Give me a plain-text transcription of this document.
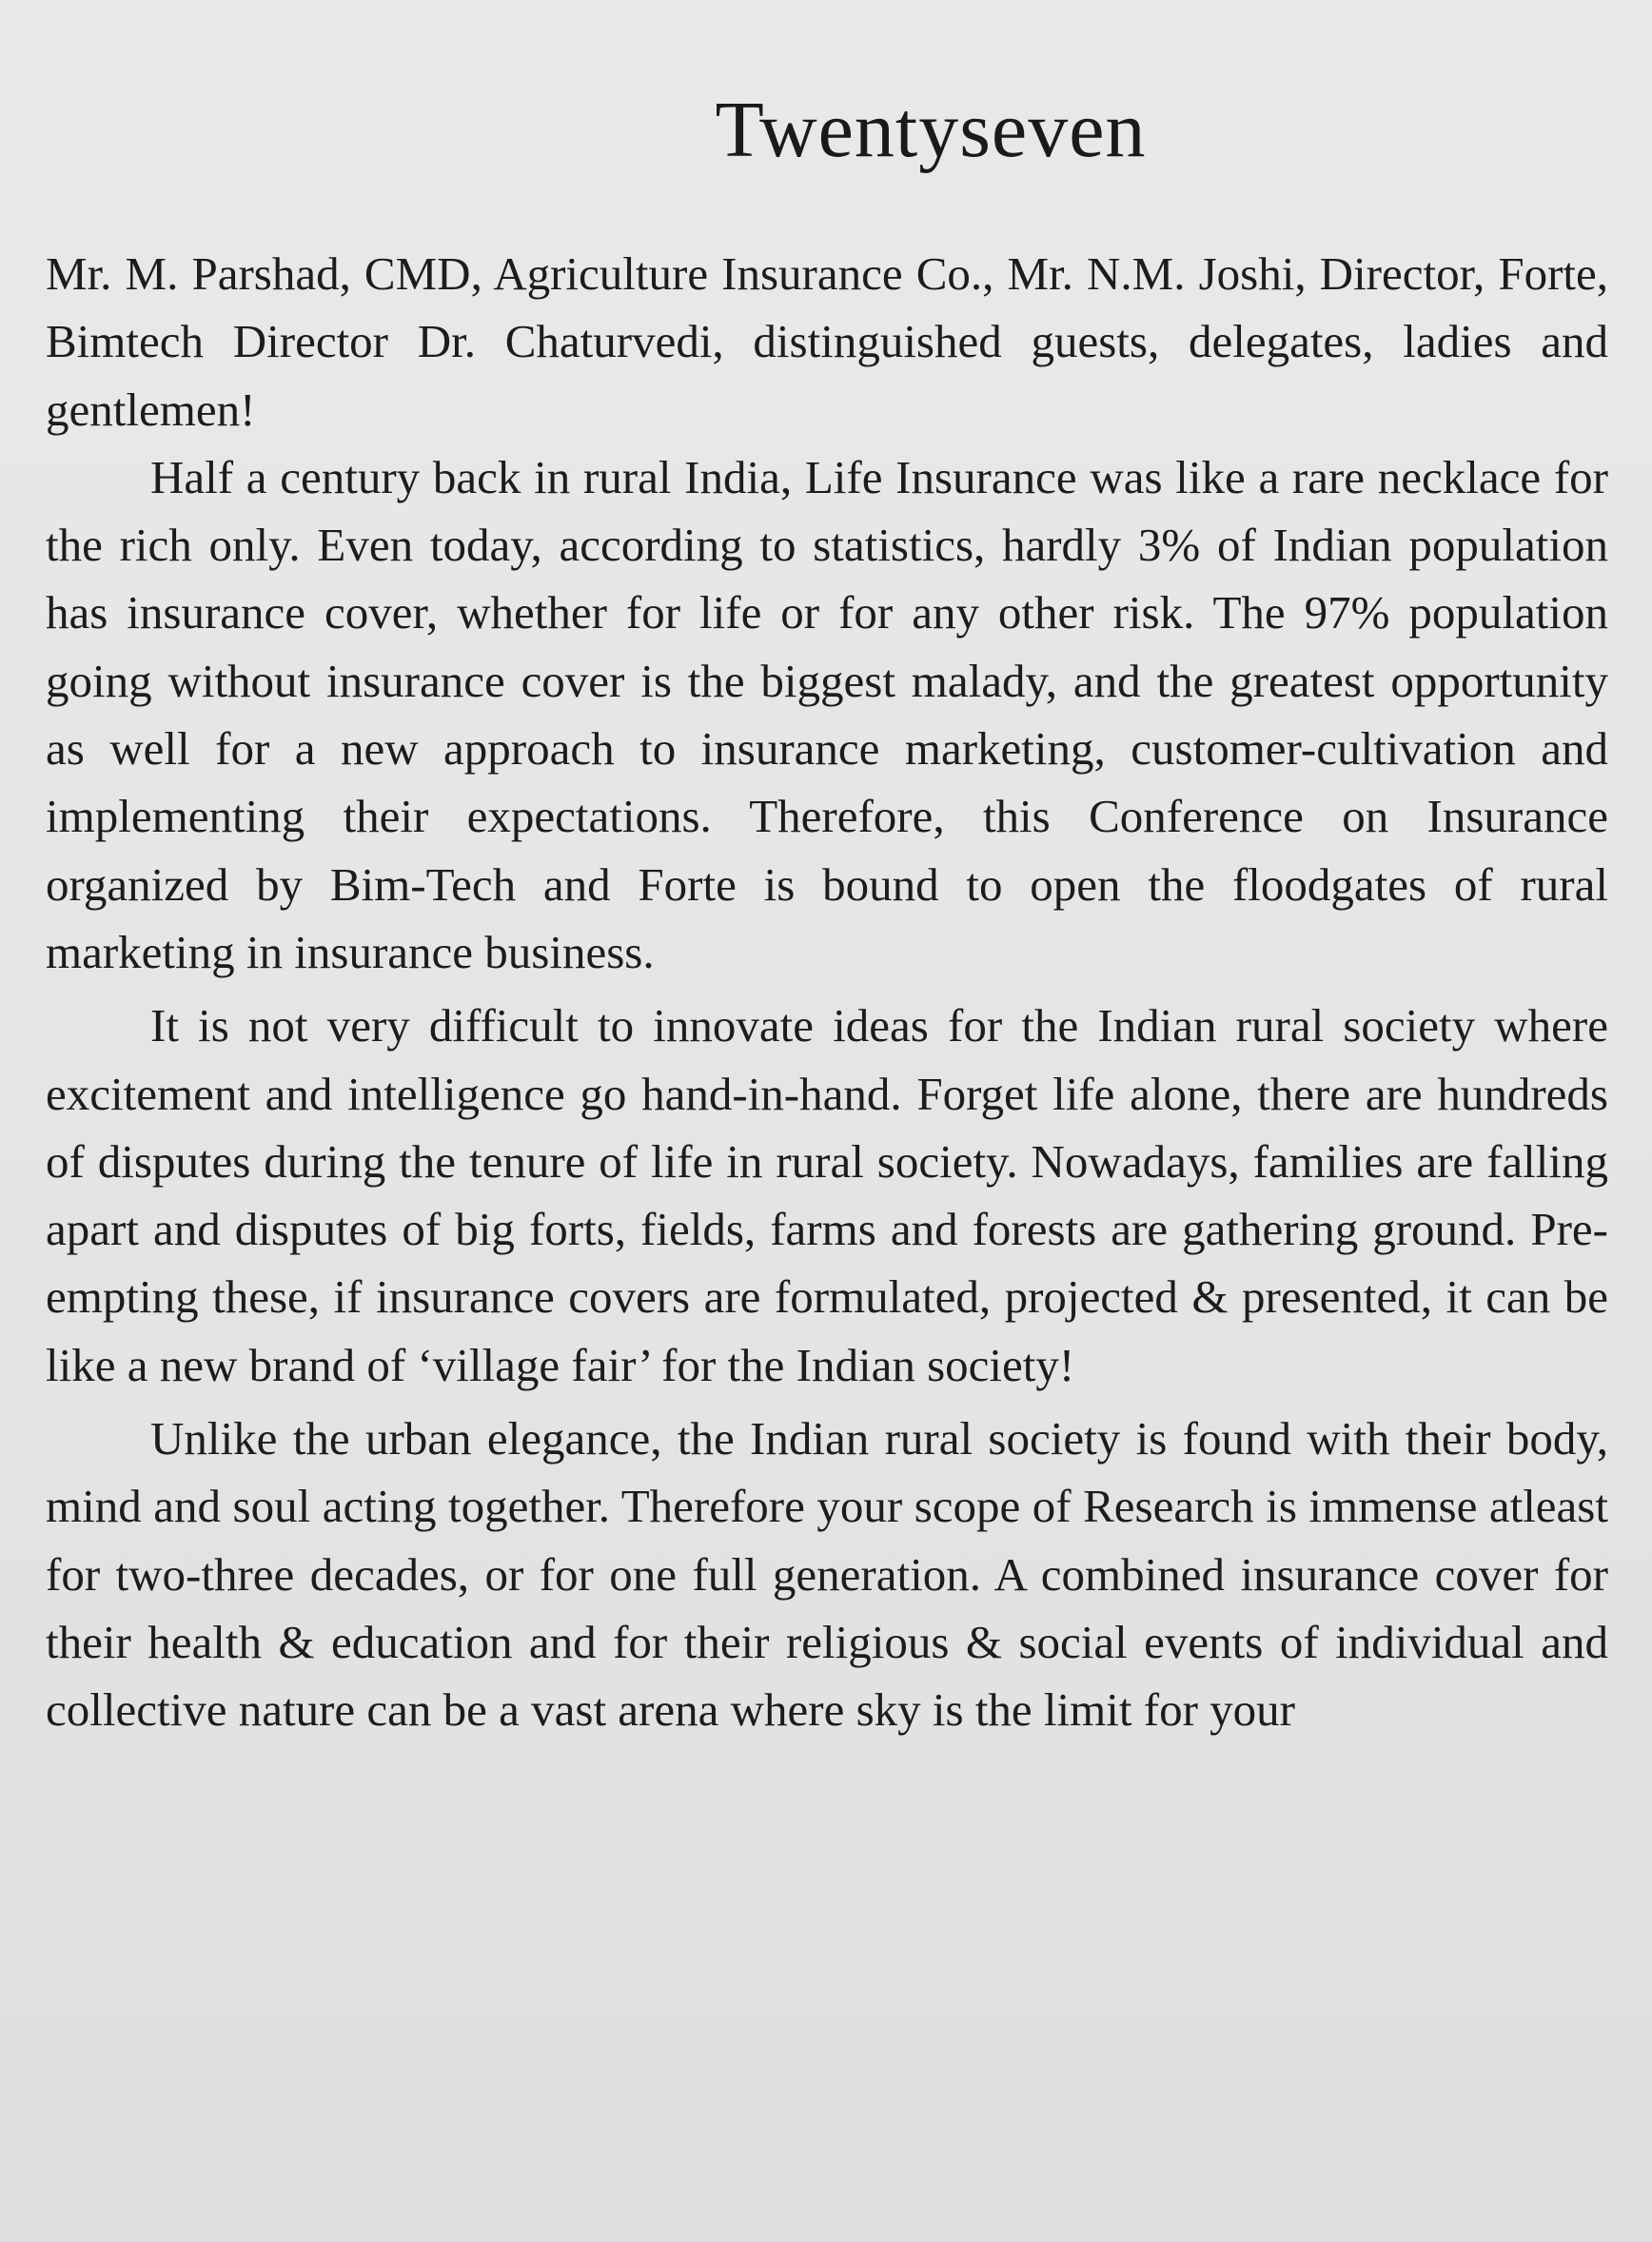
Twentyseven

Mr. M. Parshad, CMD, Agriculture Insurance Co., Mr. N.M. Joshi, Director, Forte, Bimtech Director Dr. Chaturvedi, distinguished guests, delegates, ladies and gentlemen!

Half a century back in rural India, Life Insurance was like a rare necklace for the rich only. Even today, according to statistics, hardly 3% of Indian population has insurance cover, whether for life or for any other risk. The 97% population going without insurance cover is the biggest malady, and the greatest opportunity as well for a new approach to insurance marketing, customer-cultivation and implementing their expectations. Therefore, this Conference on Insurance organized by Bim-Tech and Forte is bound to open the floodgates of rural marketing in insurance business.

It is not very difficult to innovate ideas for the Indian rural society where excitement and intelligence go hand-in-hand. Forget life alone, there are hundreds of disputes during the tenure of life in rural society. Nowadays, families are falling apart and disputes of big forts, fields, farms and forests are gathering ground. Pre-empting these, if insurance covers are formulated, projected & presented, it can be like a new brand of ‘village fair’ for the Indian society!

Unlike the urban elegance, the Indian rural society is found with their body, mind and soul acting together. Therefore your scope of Research is immense atleast for two-three decades, or for one full generation. A combined insurance cover for their health & education and for their religious & social events of individual and collective nature can be a vast arena where sky is the limit for your
